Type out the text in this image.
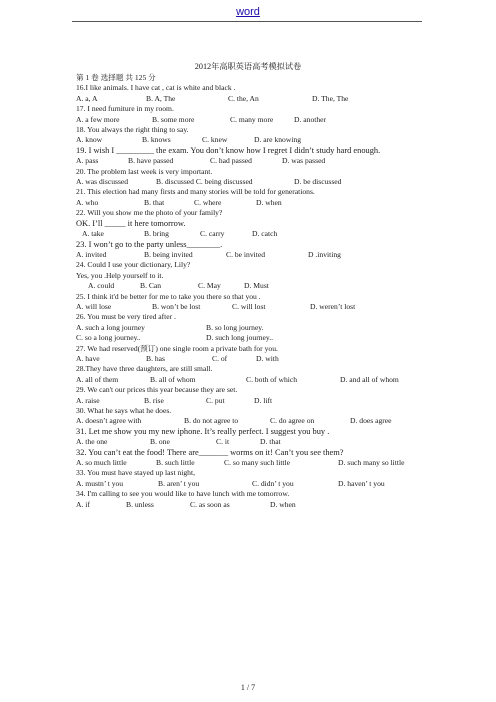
word
2012年高职英语高考模拟试卷
第 1 卷 选择题 共 125 分
16.I like animals. I have cat , cat is white and black .
A. a, A	B. A, The	C. the, An	D. The, The
17. I need furniture in my room.
A. a few more	B. some more	C. many more	D. another
18. You always the right thing to say.
A. know	B. knows	C. knew	D. are knowing
19. I wish I _________ the exam. You don’t know how I regret I didn’t study hard enough.
A. pass	B. have passed	C. had passed	D. was passed
20. The problem last week is very important.
A. was discussed	B. discussed C. being discussed	D. be discussed
21. This election had many firsts and many stories will be told for generations.
A. who	B. that	C. where	D. when
22. Will you show me the photo of your family?
OK. I’ll _____ it here tomorrow.
A. take	B. bring	C. carry	D. catch
23. I won’t go to the party unless________.
A. invited	B. being invited	C. be invited	D .inviting
24. Could I use your dictionary, Lily?
Yes, you .Help yourself to it.
A. could	B. Can	C. May	D. Must
25. I think it'd be better for me to take you there so that you .
A. will lose	B. won’t be lost	C. will lost	D. weren’t lost
26. You must be very tired after .
A. such a long journey	B. so long journey.
C. so a long journey..	D. such long journey..
27. We had reserved(预订) one single room a private bath for you.
A. have	B. has	C. of	D. with
28.They have three daughters, are still small.
A. all of them	B. all of whom	C. both of which	D. and all of whom
29. We can't our prices this year because they are set.
A. raise	B. rise	C. put	D. lift
30. What he says what he does.
A. doesn’t agree with	B. do not agree to	C. do agree on	D. does agree
31. Let me show you my new iphone. It’s really perfect. I suggest you buy .
A. the one	B. one	C. it	D. that
32. You can’t eat the food! There are_______ worms on it! Can’t you see them?
A. so much little	B. such little	C. so many such little	D. such many so little
33. You must have stayed up last night,
A. mustn’ t you	B. aren’ t you	C. didn’ t you	D. haven’ t you
34. I'm calling to see you would like to have lunch with me tomorrow.
A. if	B. unless	C. as soon as	D. when
1 / 7
